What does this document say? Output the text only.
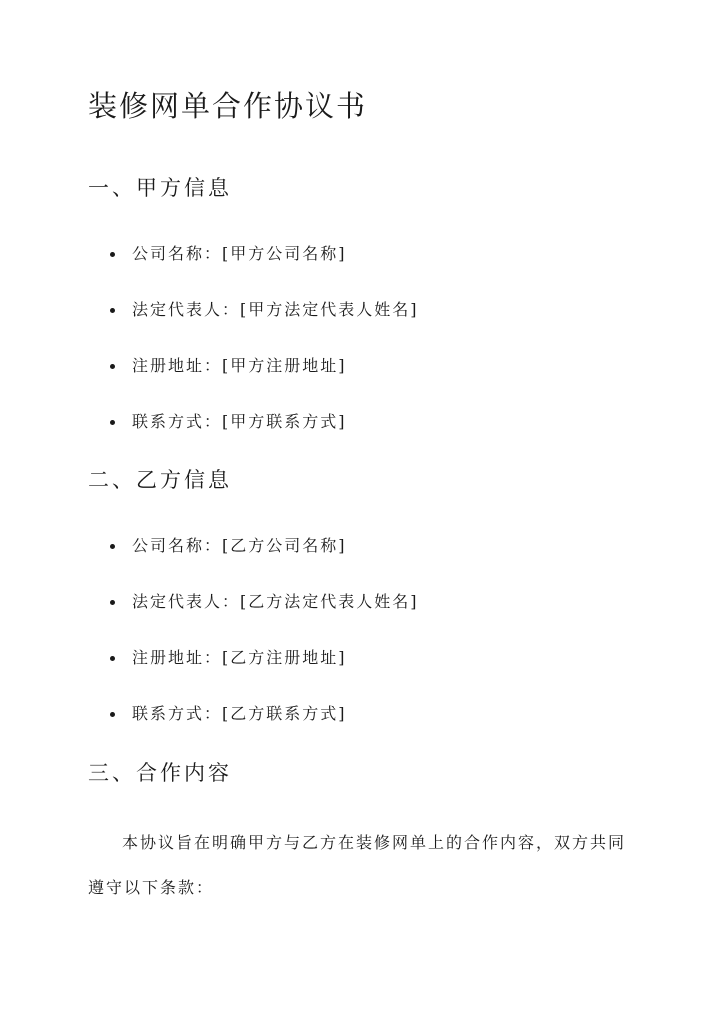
装修网单合作协议书
一、甲方信息
公司名称：[甲方公司名称]
法定代表人：[甲方法定代表人姓名]
注册地址：[甲方注册地址]
联系方式：[甲方联系方式]
二、乙方信息
公司名称：[乙方公司名称]
法定代表人：[乙方法定代表人姓名]
注册地址：[乙方注册地址]
联系方式：[乙方联系方式]
三、合作内容

本协议旨在明确甲方与乙方在装修网单上的合作内容，双方共同遵守以下条款：
